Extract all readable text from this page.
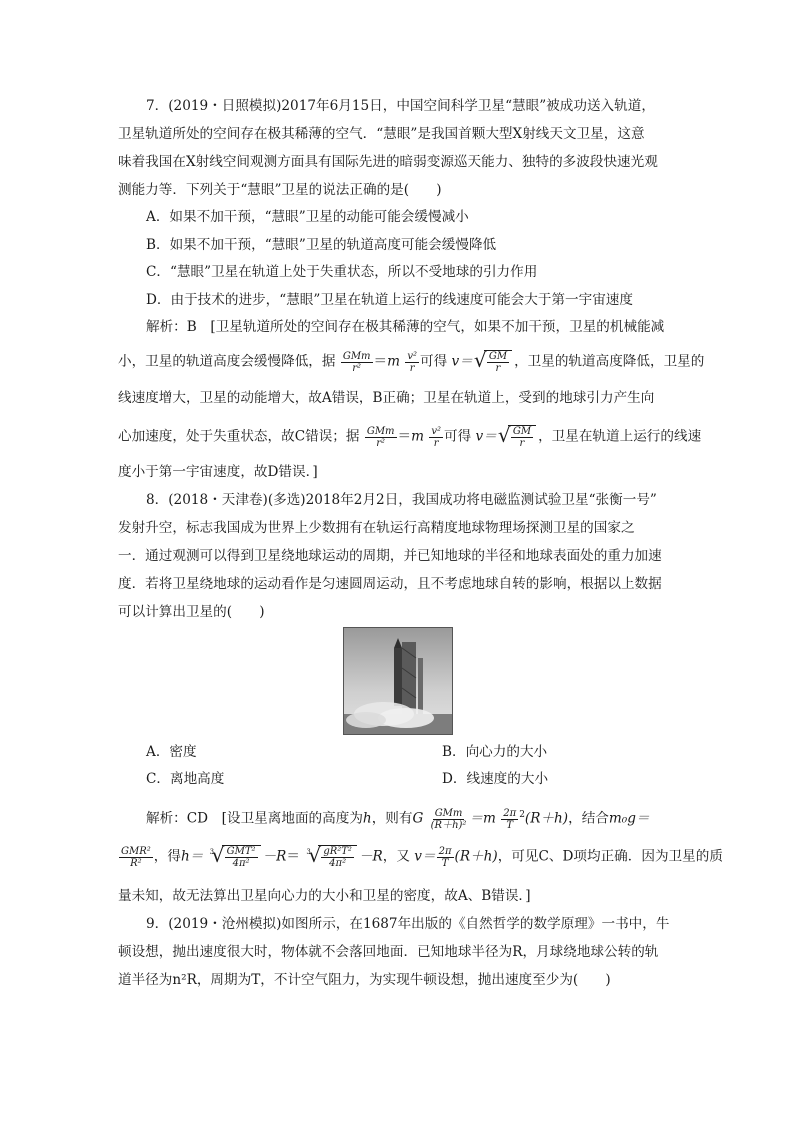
7．(2019・日照模拟)2017年6月15日，中国空间科学卫星“慧眼”被成功送入轨道，
卫星轨道所处的空间存在极其稀薄的空气．“慧眼”是我国首颗大型X射线天文卫星，这意
味着我国在X射线空间观测方面具有国际先进的暗弱变源巡天能力、独特的多波段快速光观
测能力等．下列关于“慧眼”卫星的说法正确的是(　　)
A．如果不加干预，“慧眼”卫星的动能可能会缓慢减小
B．如果不加干预，“慧眼”卫星的轨道高度可能会缓慢降低
C．“慧眼”卫星在轨道上处于失重状态，所以不受地球的引力作用
D．由于技术的进步，“慧眼”卫星在轨道上运行的线速度可能会大于第一宇宙速度
解析：B　[卫星轨道所处的空间存在极其稀薄的空气，如果不加干预，卫星的机械能减
小，卫星的轨道高度会缓慢降低，据 $\frac{\text{GMm}}{\text{r²}} =m \frac{\text{v²}}{r}$ 可得 v＝ √ $\frac{GM}{r}$ ，卫星的轨道高度降低，卫星的
线速度增大，卫星的动能增大，故A错误，B正确；卫星在轨道上，受到的地球引力产生向
心加速度，处于失重状态，故C错误；据 $\frac{\text{GMm}}{\text{r²}} =m \frac{\text{v²}}{r}$ 可得 v＝ √ $\frac{GM}{r}$ ，卫星在轨道上运行的线速
度小于第一宇宙速度，故D错误．]
8．(2018・天津卷)(多选)2018年2月2日，我国成功将电磁监测试验卫星“张衡一号”
发射升空，标志我国成为世界上少数拥有在轨运行高精度地球物理场探测卫星的国家之
一．通过观测可以得到卫星绕地球运动的周期，并已知地球的半径和地球表面处的重力加速
度．若将卫星绕地球的运动看作是匀速圆周运动，且不考虑地球自转的影响，根据以上数据
可以计算出卫星的(　　)
A．密度	B．向心力的大小
C．离地高度	D．线速度的大小
解析：CD　[设卫星离地面的高度为h，则有G $\frac{\text{GMm}}{\text{(R＋h)²}} =m \frac{2\pi}{T} ^2(R+h)$，结合m₀g＝
$\frac{\text{GMR²}}{\text{R²}}$ ，得h＝ √ $3 \frac{\text{GMT²}}{\text{4π²}} -R=$ √ $3 \frac{\text{gR²T²}}{\text{4π²}} -R$，又 $v= \frac{2\pi}{T} (R+h)$，可见C、D项均正确．因为卫星的质
量未知，故无法算出卫星向心力的大小和卫星的密度，故A、B错误．]
9．(2019・沧州模拟)如图所示，在1687年出版的《自然哲学的数学原理》一书中，牛
顿设想，抛出速度很大时，物体就不会落回地面．已知地球半径为R，月球绕地球公转的轨
道半径为n²R，周期为T，不计空气阻力，为实现牛顿设想，抛出速度至少为(　　)
